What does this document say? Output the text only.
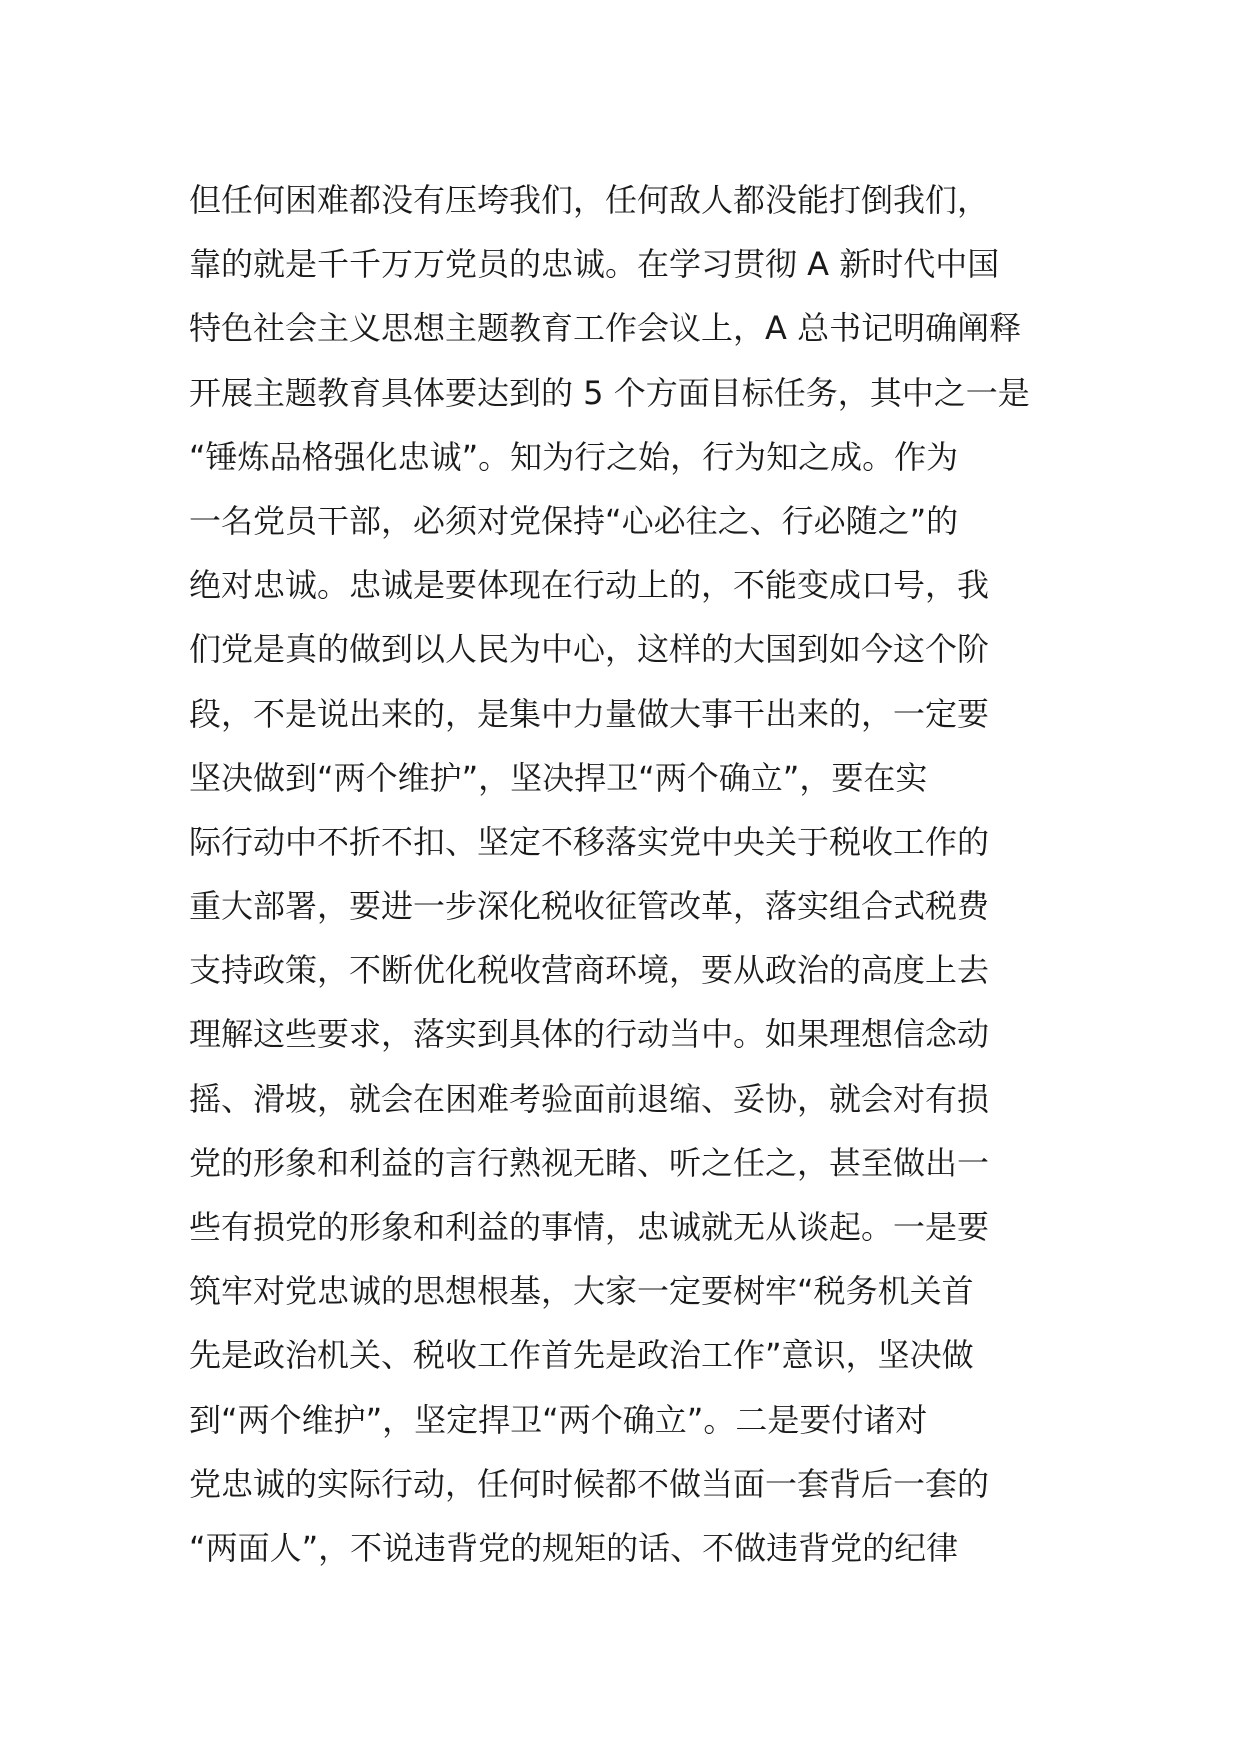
但任何困难都没有压垮我们，任何敌人都没能打倒我们，
靠的就是千千万万党员的忠诚。在学习贯彻 A 新时代中国
特色社会主义思想主题教育工作会议上，A 总书记明确阐释
开展主题教育具体要达到的 5 个方面目标任务，其中之一是
“锤炼品格强化忠诚”。知为行之始，行为知之成。作为
一名党员干部，必须对党保持“心必往之、行必随之”的
绝对忠诚。忠诚是要体现在行动上的，不能变成口号，我
们党是真的做到以人民为中心，这样的大国到如今这个阶
段，不是说出来的，是集中力量做大事干出来的，一定要
坚决做到“两个维护”，坚决捍卫“两个确立”，要在实
际行动中不折不扣、坚定不移落实党中央关于税收工作的
重大部署，要进一步深化税收征管改革，落实组合式税费
支持政策，不断优化税收营商环境，要从政治的高度上去
理解这些要求，落实到具体的行动当中。如果理想信念动
摇、滑坡，就会在困难考验面前退缩、妥协，就会对有损
党的形象和利益的言行熟视无睹、听之任之，甚至做出一
些有损党的形象和利益的事情，忠诚就无从谈起。一是要
筑牢对党忠诚的思想根基，大家一定要树牢“税务机关首
先是政治机关、税收工作首先是政治工作”意识，坚决做
到“两个维护”，坚定捍卫“两个确立”。二是要付诸对
党忠诚的实际行动，任何时候都不做当面一套背后一套的
“两面人”，不说违背党的规矩的话、不做违背党的纪律
